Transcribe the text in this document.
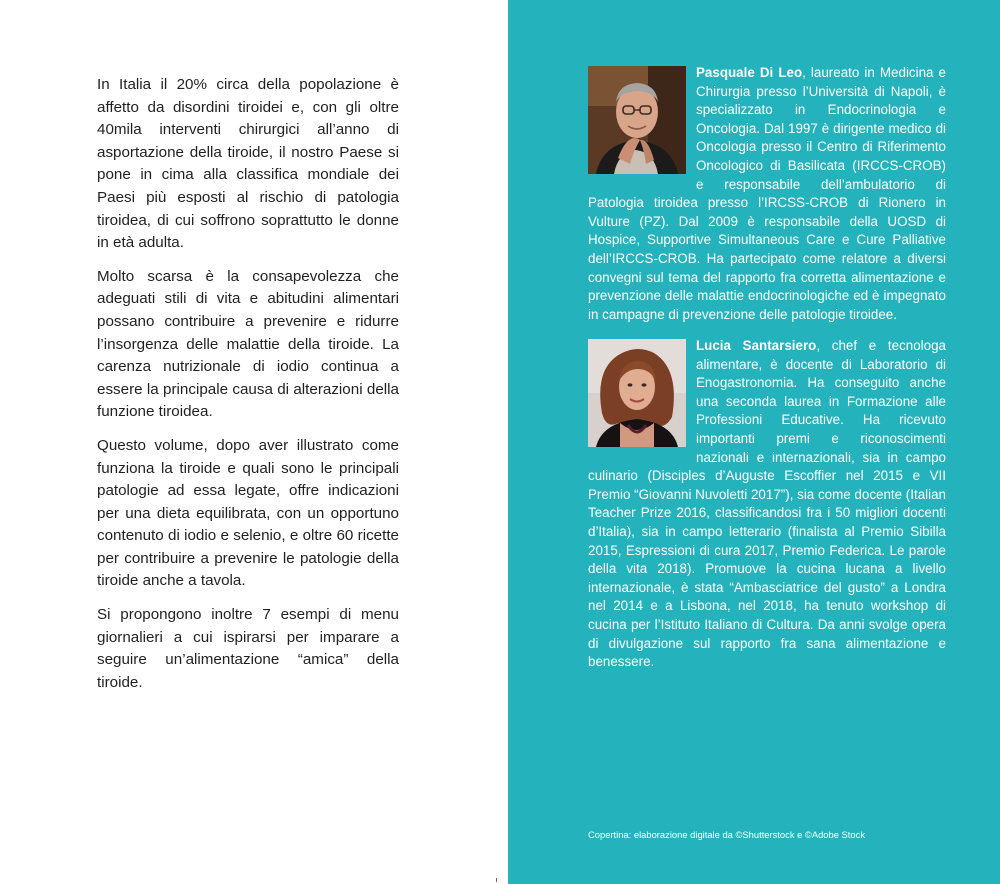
In Italia il 20% circa della popolazione è affetto da disordini tiroidei e, con gli oltre 40mila interventi chirurgici all’anno di asportazione della tiroide, il nostro Paese si pone in cima alla classifica mondiale dei Paesi più esposti al rischio di patologia tiroidea, di cui soffrono soprattutto le donne in età adulta.

Molto scarsa è la consapevolezza che adeguati stili di vita e abitudini alimentari possano contribuire a prevenire e ridurre l’insorgenza delle malattie della tiroide. La carenza nutrizionale di iodio continua a essere la principale causa di alterazioni della funzione tiroidea.

Questo volume, dopo aver illustrato come funziona la tiroide e quali sono le principali patologie ad essa legate, offre indicazioni per una dieta equilibrata, con un opportuno contenuto di iodio e selenio, e oltre 60 ricette per contribuire a prevenire le patologie della tiroide anche a tavola.

Si propongono inoltre 7 esempi di menu giornalieri a cui ispirarsi per imparare a seguire un’alimentazione “amica” della tiroide.

Pasquale Di Leo, laureato in Medicina e Chirurgia presso l’Università di Napoli, è specializzato in Endocrinologia e Oncologia. Dal 1997 è dirigente medico di Oncologia presso il Centro di Riferimento Oncologico di Basilicata (IRCCS-CROB) e responsabile dell’ambulatorio di Patologia tiroidea presso l’IRCSS-CROB di Rionero in Vulture (PZ). Dal 2009 è responsabile della UOSD di Hospice, Supportive Simultaneous Care e Cure Palliative dell’IRCCS-CROB. Ha partecipato come relatore a diversi convegni sul tema del rapporto fra corretta alimentazione e prevenzione delle malattie endocrinologiche ed è impegnato in campagne di prevenzione delle patologie tiroidee.
Lucia Santarsiero, chef e tecnologa alimentare, è docente di Laboratorio di Enogastronomia. Ha conseguito anche una seconda laurea in Formazione alle Professioni Educative. Ha ricevuto importanti premi e riconoscimenti nazionali e internazionali, sia in campo culinario (Disciples d’Auguste Escoffier nel 2015 e VII Premio “Giovanni Nuvoletti 2017”), sia come docente (Italian Teacher Prize 2016, classificandosi fra i 50 migliori docenti d’Italia), sia in campo letterario (finalista al Premio Sibilla 2015, Espressioni di cura 2017, Premio Federica. Le parole della vita 2018). Promuove la cucina lucana a livello internazionale, è stata “Ambasciatrice del gusto” a Londra nel 2014 e a Lisbona, nel 2018, ha tenuto workshop di cucina per l’Istituto Italiano di Cultura. Da anni svolge opera di divulgazione sul rapporto fra sana alimentazione e benessere.
Copertina: elaborazione digitale da ©Shutterstock e ©Adobe Stock
